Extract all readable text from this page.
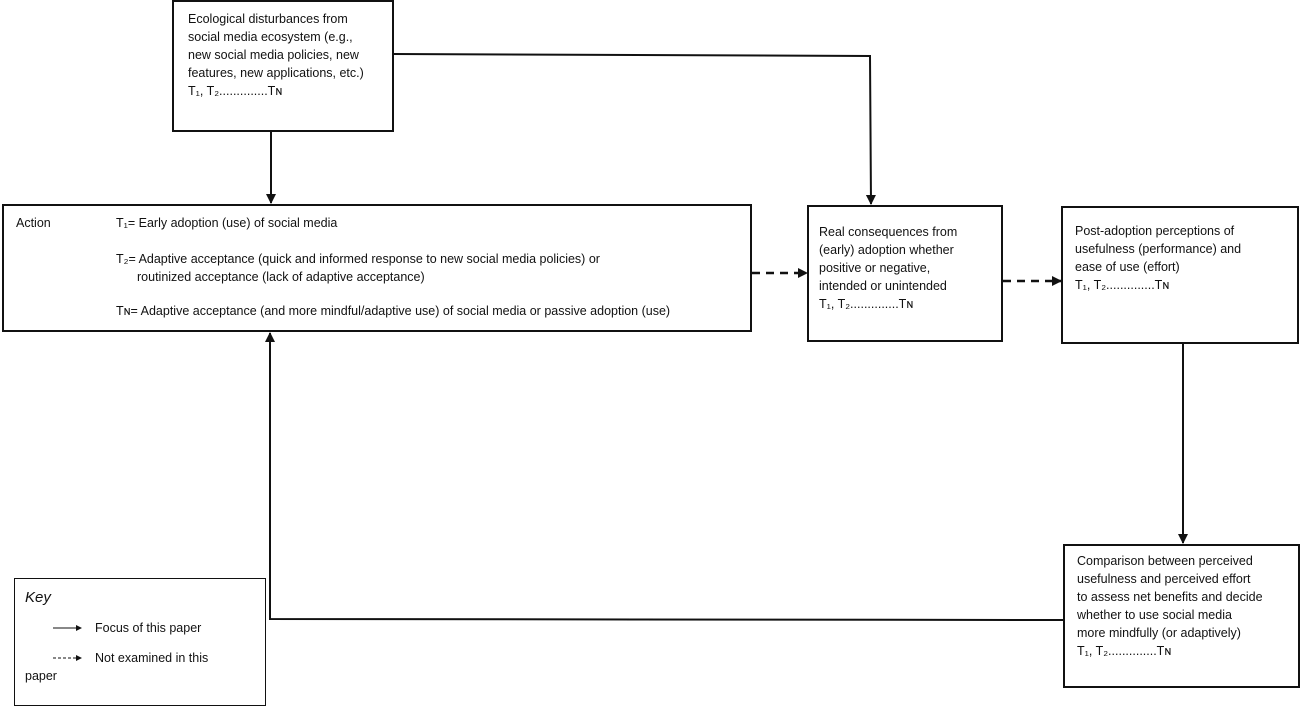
Ecological disturbances from
social media ecosystem (e.g.,
new social media policies, new
features, new applications, etc.)
T₁, T₂..............Tɴ
Action	T₁= Early adoption (use) of social media
T₂= Adaptive acceptance (quick and informed response to new social media policies) or
routinized acceptance (lack of adaptive acceptance)
Tɴ= Adaptive acceptance (and more mindful/adaptive use) of social media or passive adoption (use)
Real consequences from
(early) adoption whether
positive or negative,
intended or unintended
T₁, T₂..............Tɴ
Post-adoption perceptions of
usefulness (performance) and
ease of use (effort)
T₁, T₂..............Tɴ
Comparison between perceived
usefulness and perceived effort
to assess net benefits and decide
whether to use social media
more mindfully (or adaptively)
T₁, T₂..............Tɴ
Key
Focus of this paper
Not examined in this
paper
